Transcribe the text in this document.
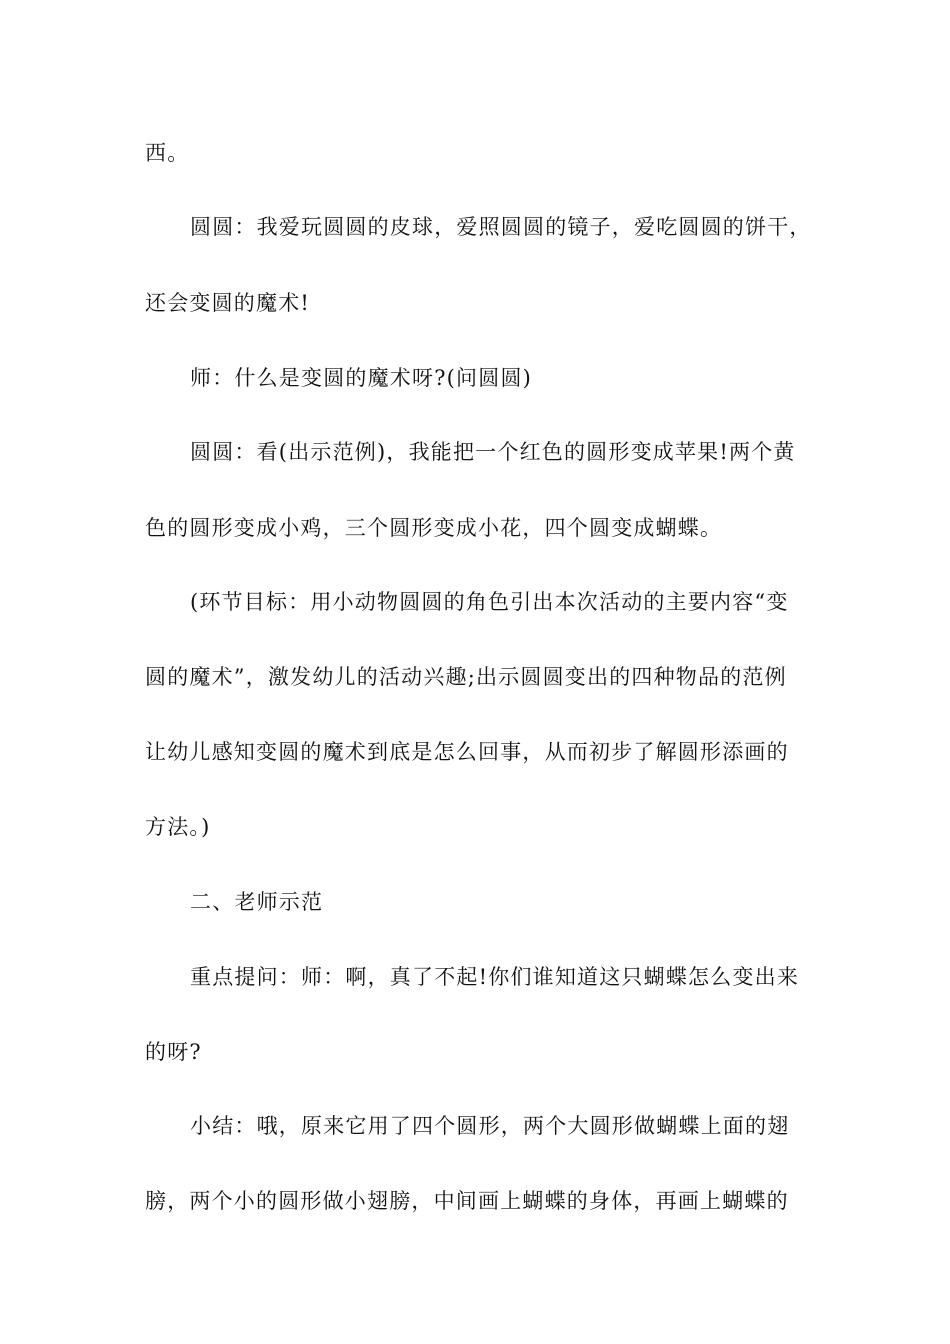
西。
圆圆：我爱玩圆圆的皮球，爱照圆圆的镜子，爱吃圆圆的饼干，
还会变圆的魔术!
师：什么是变圆的魔术呀?(问圆圆)
圆圆：看(出示范例)，我能把一个红色的圆形变成苹果!两个黄
色的圆形变成小鸡，三个圆形变成小花，四个圆变成蝴蝶。
(环节目标：用小动物圆圆的角色引出本次活动的主要内容“变
圆的魔术”，激发幼儿的活动兴趣;出示圆圆变出的四种物品的范例
让幼儿感知变圆的魔术到底是怎么回事，从而初步了解圆形添画的
方法。)
二、老师示范
重点提问：师：啊，真了不起!你们谁知道这只蝴蝶怎么变出来
的呀?
小结：哦，原来它用了四个圆形，两个大圆形做蝴蝶上面的翅
膀，两个小的圆形做小翅膀，中间画上蝴蝶的身体，再画上蝴蝶的
